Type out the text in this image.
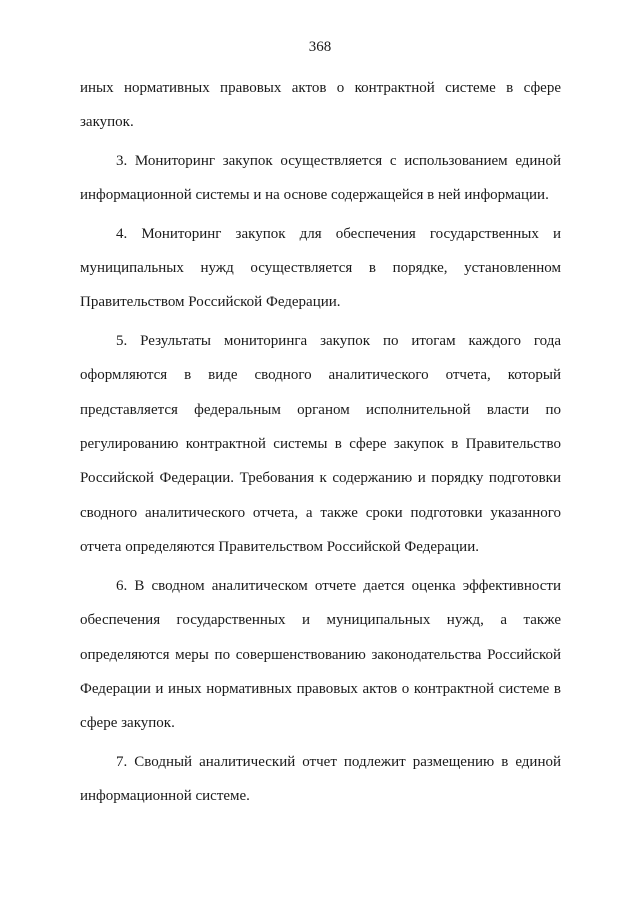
368

иных нормативных правовых актов о контрактной системе в сфере закупок.

3. Мониторинг закупок осуществляется с использованием единой информационной системы и на основе содержащейся в ней информации.

4. Мониторинг закупок для обеспечения государственных и муниципальных нужд осуществляется в порядке, установленном Правительством Российской Федерации.

5. Результаты мониторинга закупок по итогам каждого года оформляются в виде сводного аналитического отчета, который представляется федеральным органом исполнительной власти по регулированию контрактной системы в сфере закупок в Правительство Российской Федерации. Требования к содержанию и порядку подготовки сводного аналитического отчета, а также сроки подготовки указанного отчета определяются Правительством Российской Федерации.

6. В сводном аналитическом отчете дается оценка эффективности обеспечения государственных и муниципальных нужд, а также определяются меры по совершенствованию законодательства Российской Федерации и иных нормативных правовых актов о контрактной системе в сфере закупок.

7. Сводный аналитический отчет подлежит размещению в единой информационной системе.
